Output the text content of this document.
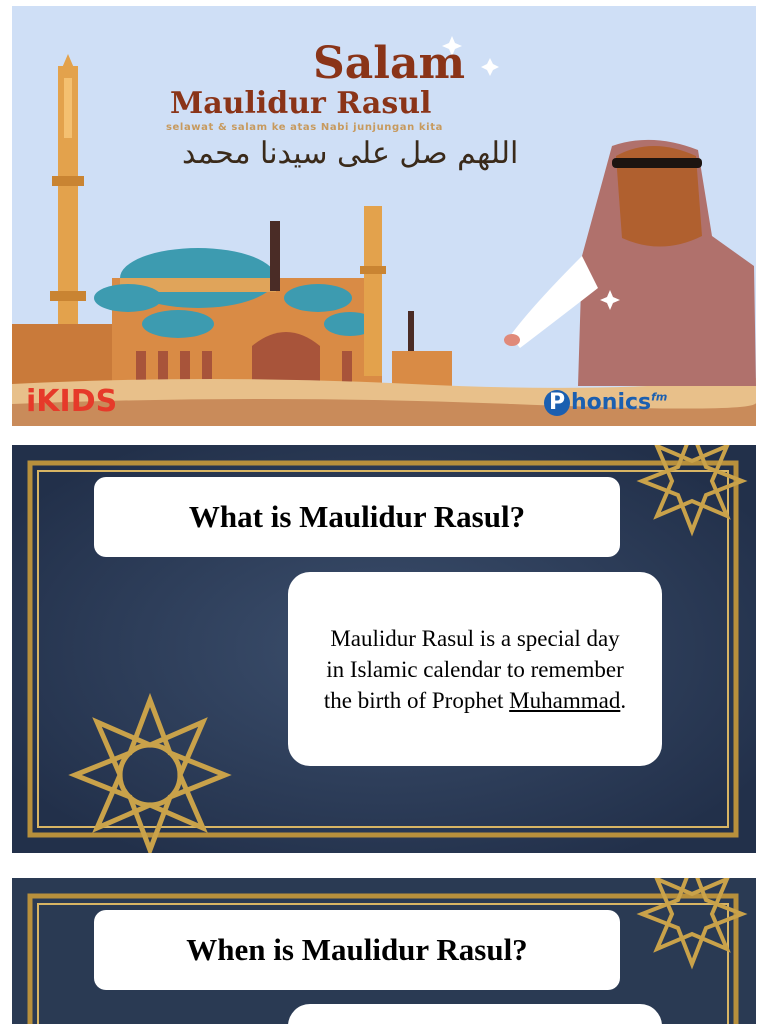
Salam
Maulidur Rasul
selawat & salam ke atas Nabi junjungan kita
اللهم صل على سيدنا محمد
iKIDS	P honics$^{fm}$
What is Maulidur Rasul?
Maulidur Rasul is a special day
in Islamic calendar to remember
the birth of Prophet Muhammad.
When is Maulidur Rasul?
